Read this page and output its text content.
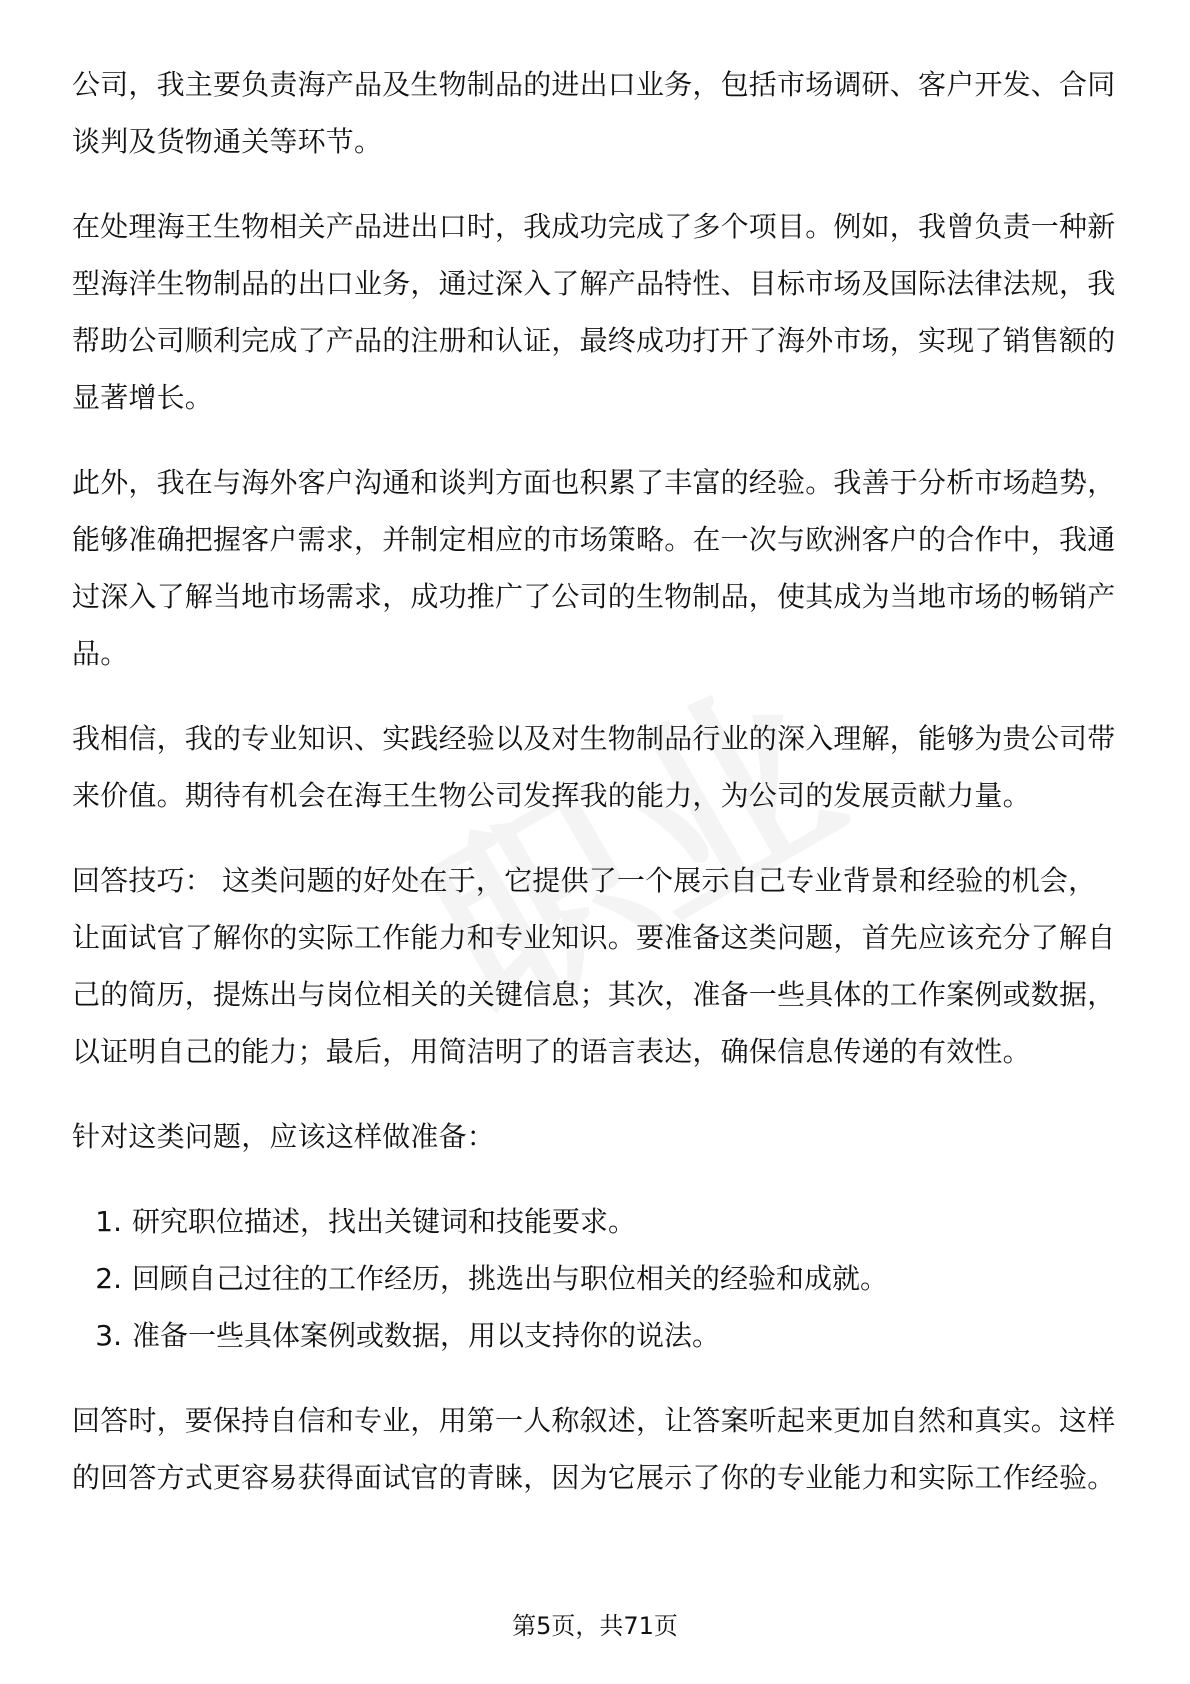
公司，我主要负责海产品及生物制品的进出口业务，包括市场调研、客户开发、合同谈判及货物通关等环节。

在处理海王生物相关产品进出口时，我成功完成了多个项目。例如，我曾负责一种新型海洋生物制品的出口业务，通过深入了解产品特性、目标市场及国际法律法规，我帮助公司顺利完成了产品的注册和认证，最终成功打开了海外市场，实现了销售额的显著增长。

此外，我在与海外客户沟通和谈判方面也积累了丰富的经验。我善于分析市场趋势，能够准确把握客户需求，并制定相应的市场策略。在一次与欧洲客户的合作中，我通过深入了解当地市场需求，成功推广了公司的生物制品，使其成为当地市场的畅销产品。

我相信，我的专业知识、实践经验以及对生物制品行业的深入理解，能够为贵公司带来价值。期待有机会在海王生物公司发挥我的能力，为公司的发展贡献力量。

回答技巧： 这类问题的好处在于，它提供了一个展示自己专业背景和经验的机会，让面试官了解你的实际工作能力和专业知识。要准备这类问题，首先应该充分了解自己的简历，提炼出与岗位相关的关键信息；其次，准备一些具体的工作案例或数据，以证明自己的能力；最后，用简洁明了的语言表达，确保信息传递的有效性。

针对这类问题，应该这样做准备：

1. 研究职位描述，找出关键词和技能要求。
2. 回顾自己过往的工作经历，挑选出与职位相关的经验和成就。
3. 准备一些具体案例或数据，用以支持你的说法。

回答时，要保持自信和专业，用第一人称叙述，让答案听起来更加自然和真实。这样的回答方式更容易获得面试官的青睐，因为它展示了你的专业能力和实际工作经验。

第5页，共71页
